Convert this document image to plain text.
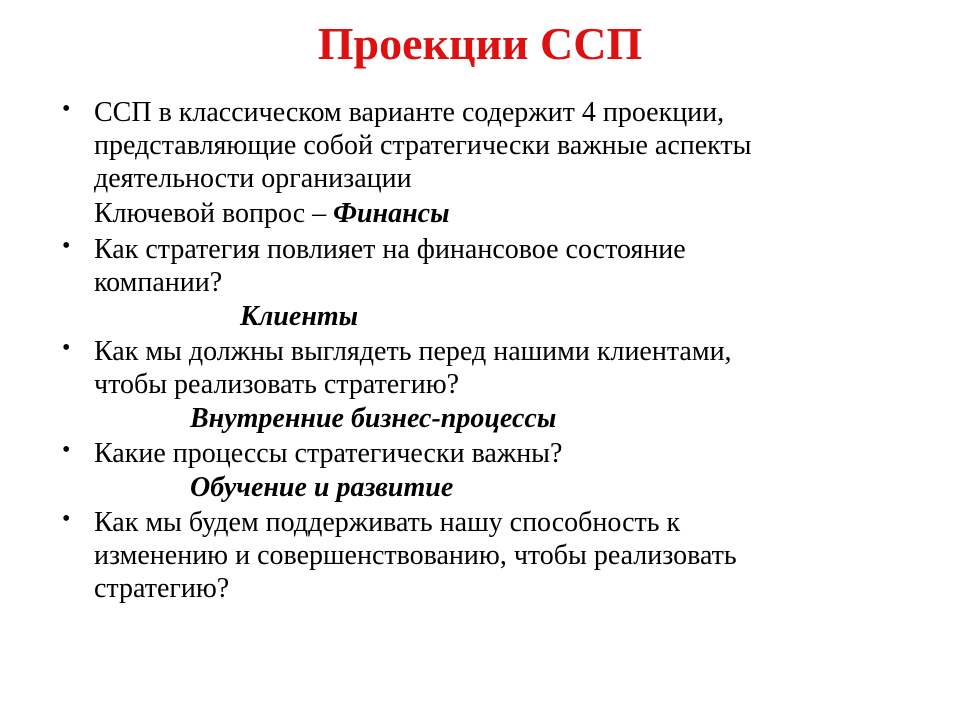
Проекции ССП
• ССП в классическом варианте содержит 4 проекции,
представляющие собой стратегически важные аспекты
деятельности организации
Ключевой вопрос – Финансы
• Как стратегия повлияет на финансовое состояние
компании?
Клиенты
• Как мы должны выглядеть перед нашими клиентами,
чтобы реализовать стратегию?
Внутренние бизнес-процессы
• Какие процессы стратегически важны?
Обучение и развитие
• Как мы будем поддерживать нашу способность к
изменению и совершенствованию, чтобы реализовать
стратегию?
